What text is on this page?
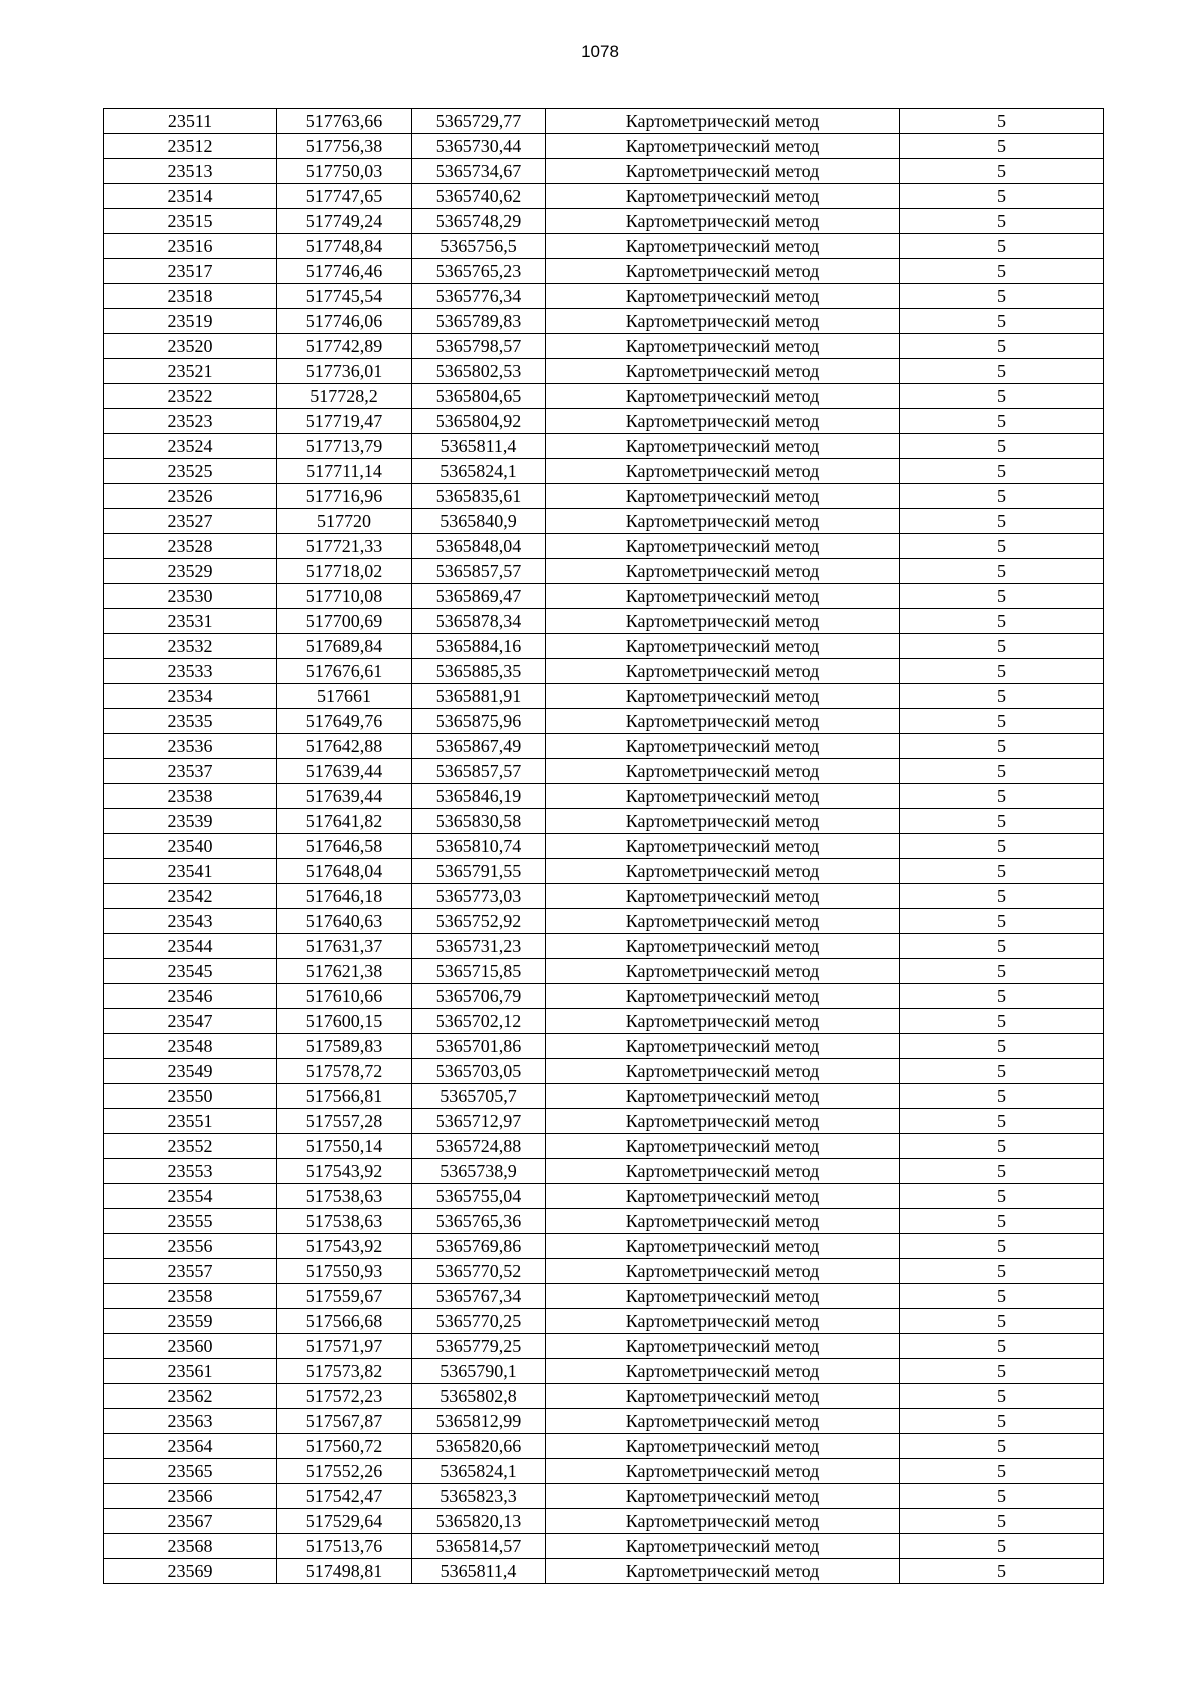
1078
23511	517763,66	5365729,77	Картометрический метод	5
23512	517756,38	5365730,44	Картометрический метод	5
23513	517750,03	5365734,67	Картометрический метод	5
23514	517747,65	5365740,62	Картометрический метод	5
23515	517749,24	5365748,29	Картометрический метод	5
23516	517748,84	5365756,5	Картометрический метод	5
23517	517746,46	5365765,23	Картометрический метод	5
23518	517745,54	5365776,34	Картометрический метод	5
23519	517746,06	5365789,83	Картометрический метод	5
23520	517742,89	5365798,57	Картометрический метод	5
23521	517736,01	5365802,53	Картометрический метод	5
23522	517728,2	5365804,65	Картометрический метод	5
23523	517719,47	5365804,92	Картометрический метод	5
23524	517713,79	5365811,4	Картометрический метод	5
23525	517711,14	5365824,1	Картометрический метод	5
23526	517716,96	5365835,61	Картометрический метод	5
23527	517720	5365840,9	Картометрический метод	5
23528	517721,33	5365848,04	Картометрический метод	5
23529	517718,02	5365857,57	Картометрический метод	5
23530	517710,08	5365869,47	Картометрический метод	5
23531	517700,69	5365878,34	Картометрический метод	5
23532	517689,84	5365884,16	Картометрический метод	5
23533	517676,61	5365885,35	Картометрический метод	5
23534	517661	5365881,91	Картометрический метод	5
23535	517649,76	5365875,96	Картометрический метод	5
23536	517642,88	5365867,49	Картометрический метод	5
23537	517639,44	5365857,57	Картометрический метод	5
23538	517639,44	5365846,19	Картометрический метод	5
23539	517641,82	5365830,58	Картометрический метод	5
23540	517646,58	5365810,74	Картометрический метод	5
23541	517648,04	5365791,55	Картометрический метод	5
23542	517646,18	5365773,03	Картометрический метод	5
23543	517640,63	5365752,92	Картометрический метод	5
23544	517631,37	5365731,23	Картометрический метод	5
23545	517621,38	5365715,85	Картометрический метод	5
23546	517610,66	5365706,79	Картометрический метод	5
23547	517600,15	5365702,12	Картометрический метод	5
23548	517589,83	5365701,86	Картометрический метод	5
23549	517578,72	5365703,05	Картометрический метод	5
23550	517566,81	5365705,7	Картометрический метод	5
23551	517557,28	5365712,97	Картометрический метод	5
23552	517550,14	5365724,88	Картометрический метод	5
23553	517543,92	5365738,9	Картометрический метод	5
23554	517538,63	5365755,04	Картометрический метод	5
23555	517538,63	5365765,36	Картометрический метод	5
23556	517543,92	5365769,86	Картометрический метод	5
23557	517550,93	5365770,52	Картометрический метод	5
23558	517559,67	5365767,34	Картометрический метод	5
23559	517566,68	5365770,25	Картометрический метод	5
23560	517571,97	5365779,25	Картометрический метод	5
23561	517573,82	5365790,1	Картометрический метод	5
23562	517572,23	5365802,8	Картометрический метод	5
23563	517567,87	5365812,99	Картометрический метод	5
23564	517560,72	5365820,66	Картометрический метод	5
23565	517552,26	5365824,1	Картометрический метод	5
23566	517542,47	5365823,3	Картометрический метод	5
23567	517529,64	5365820,13	Картометрический метод	5
23568	517513,76	5365814,57	Картометрический метод	5
23569	517498,81	5365811,4	Картометрический метод	5
